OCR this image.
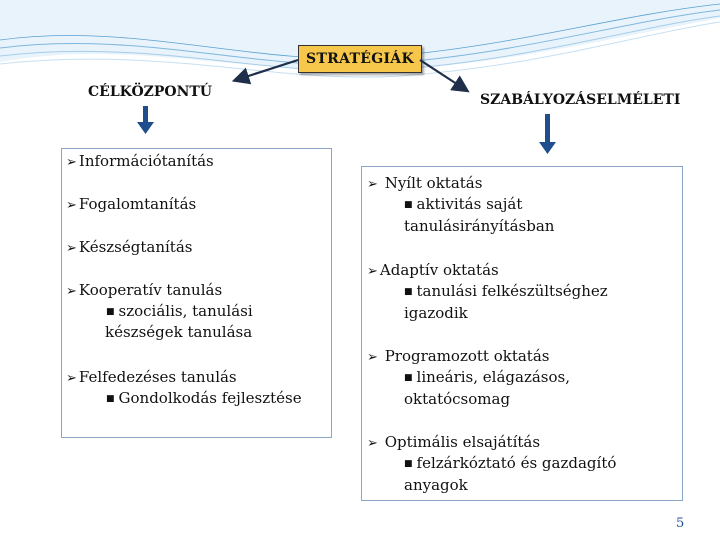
STRATÉGIÁK
CÉLKÖZPONTÚ	SZABÁLYOZÁSELMÉLETI
➢ Információtanítás
➢ Fogalomtanítás
➢ Készségtanítás
➢ Kooperatív tanulás
■ szociális, tanulási
készségek tanulása
➢ Felfedezéses tanulás
■ Gondolkodás fejlesztése
➢ Nyílt oktatás
■ aktivitás saját
tanulásirányításban
➢ Adaptív oktatás
■ tanulási felkészültséghez
igazodik
➢ Programozott oktatás
■ lineáris, elágazásos,
oktatócsomag
➢ Optimális elsajátítás
■ felzárkóztató és gazdagító
anyagok
5
